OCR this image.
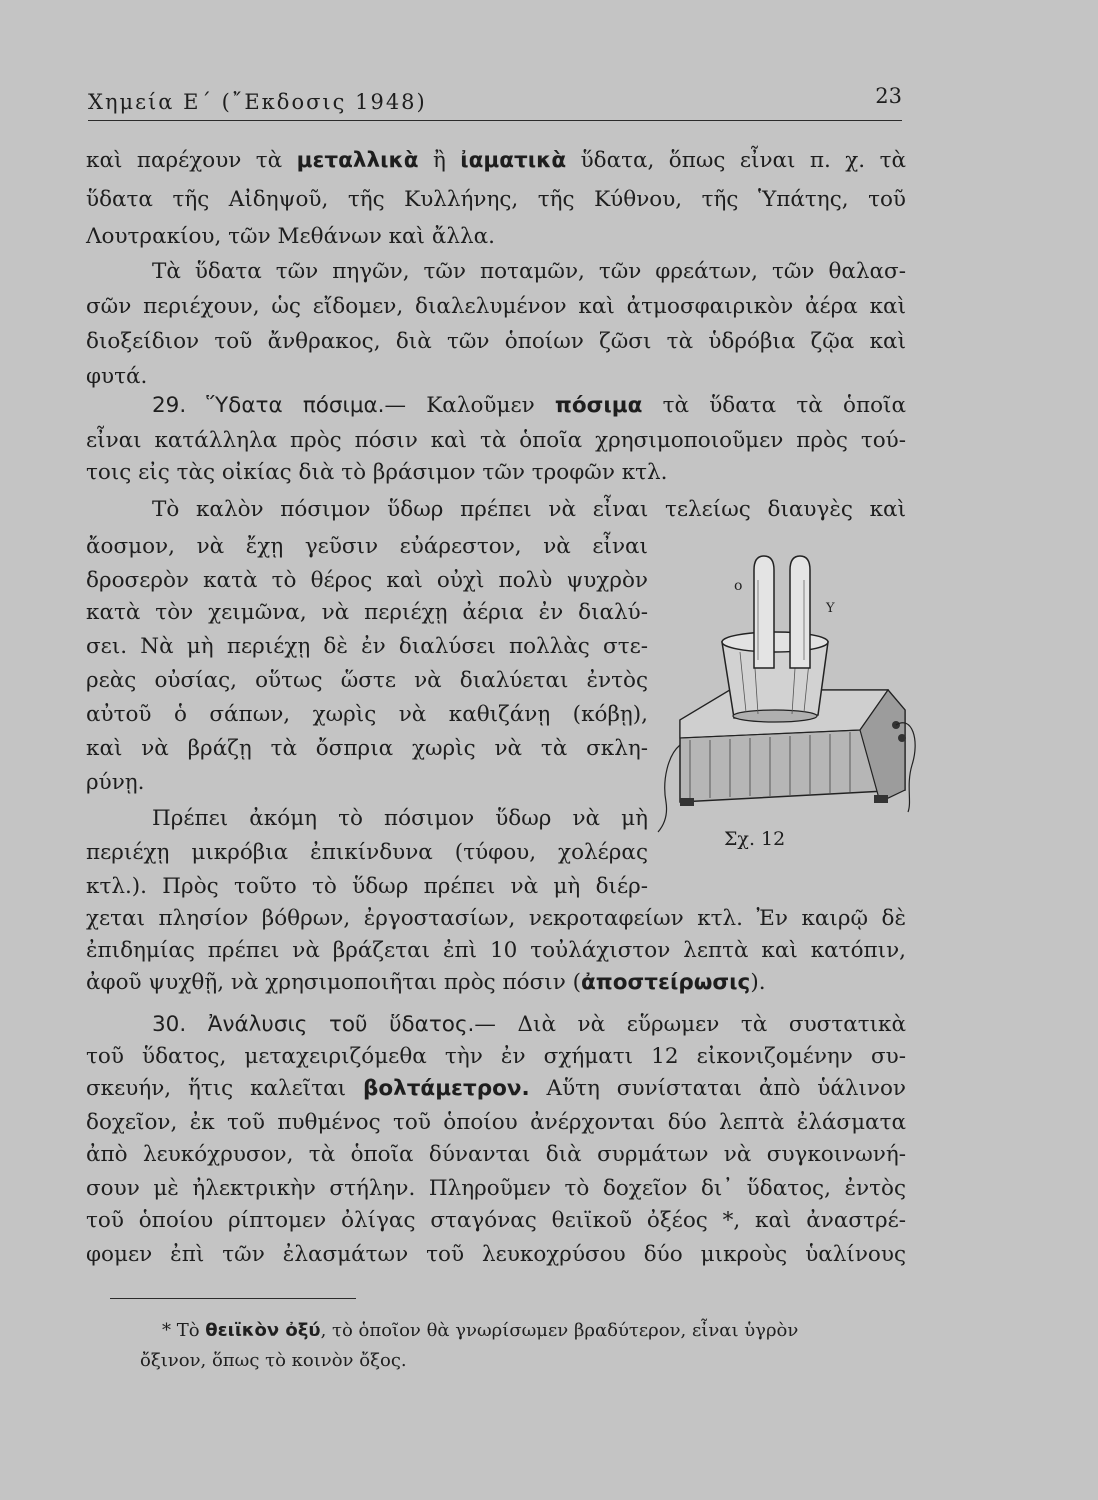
Χημεία Ε΄ (῎Εκδοσις 1948)	23
καὶ παρέχουν τὰ μεταλλικὰ ἢ ἰαματικὰ ὕδατα, ὅπως εἶναι π. χ. τὰ
ὕδατα τῆς Αἰδηψοῦ, τῆς Κυλλήνης, τῆς Κύθνου, τῆς Ὑπάτης, τοῦ
Λουτρακίου, τῶν Μεθάνων καὶ ἄλλα.
Τὰ ὕδατα τῶν πηγῶν, τῶν ποταμῶν, τῶν φρεάτων, τῶν θαλασ-
σῶν περιέχουν, ὡς εἴδομεν, διαλελυμένον καὶ ἀτμοσφαιρικὸν ἀέρα καὶ
διοξείδιον τοῦ ἄνθρακος, διὰ τῶν ὁποίων ζῶσι τὰ ὑδρόβια ζῷα καὶ
φυτά.
29. Ὕδατα πόσιμα.— Καλοῦμεν πόσιμα τὰ ὕδατα τὰ ὁποῖα
εἶναι κατάλληλα πρὸς πόσιν καὶ τὰ ὁποῖα χρησιμοποιοῦμεν πρὸς τού-
τοις εἰς τὰς οἰκίας διὰ τὸ βράσιμον τῶν τροφῶν κτλ.
Τὸ καλὸν πόσιμον ὕδωρ πρέπει νὰ εἶναι τελείως διαυγὲς καὶ
ἄοσμον, νὰ ἔχῃ γεῦσιν εὐάρεστον, νὰ εἶναι
δροσερὸν κατὰ τὸ θέρος καὶ οὐχὶ πολὺ ψυχρὸν
κατὰ τὸν χειμῶνα, νὰ περιέχῃ ἀέρια ἐν διαλύ-
σει. Νὰ μὴ περιέχῃ δὲ ἐν διαλύσει πολλὰς στε-
ρεὰς οὐσίας, οὕτως ὥστε νὰ διαλύεται ἐντὸς
αὐτοῦ ὁ σάπων, χωρὶς νὰ καθιζάνῃ (κόβῃ),
καὶ νὰ βράζῃ τὰ ὄσπρια χωρὶς νὰ τὰ σκλη-
ρύνῃ.
Πρέπει ἀκόμη τὸ πόσιμον ὕδωρ νὰ μὴ
περιέχῃ μικρόβια ἐπικίνδυνα (τύφου, χολέρας
κτλ.). Πρὸς τοῦτο τὸ ὕδωρ πρέπει νὰ μὴ διέρ-
χεται πλησίον βόθρων, ἐργοστασίων, νεκροταφείων κτλ. Ἐν καιρῷ δὲ
ἐπιδημίας πρέπει νὰ βράζεται ἐπὶ 10 τοὐλάχιστον λεπτὰ καὶ κατόπιν,
ἀφοῦ ψυχθῇ, νὰ χρησιμοποιῆται πρὸς πόσιν (ἀποστείρωσις).
30. Ἀνάλυσις τοῦ ὕδατος.— Διὰ νὰ εὕρωμεν τὰ συστατικὰ
τοῦ ὕδατος, μεταχειριζόμεθα τὴν ἐν σχήματι 12 εἰκονιζομένην συ-
σκευήν, ἥτις καλεῖται βολτάμετρον. Αὕτη συνίσταται ἀπὸ ὑάλινον
δοχεῖον, ἐκ τοῦ πυθμένος τοῦ ὁποίου ἀνέρχονται δύο λεπτὰ ἐλάσματα
ἀπὸ λευκόχρυσον, τὰ ὁποῖα δύνανται διὰ συρμάτων νὰ συγκοινωνή-
σουν μὲ ἠλεκτρικὴν στήλην. Πληροῦμεν τὸ δοχεῖον δι᾿ ὕδατος, ἐντὸς
τοῦ ὁποίου ρίπτομεν ὀλίγας σταγόνας θειϊκοῦ ὀξέος *, καὶ ἀναστρέ-
φομεν ἐπὶ τῶν ἐλασμάτων τοῦ λευκοχρύσου δύο μικροὺς ὑαλίνους
ο
Υ
Σχ. 12
* Τὸ θειϊκὸν ὀξύ, τὸ ὁποῖον θὰ γνωρίσωμεν βραδύτερον, εἶναι ὑγρὸν
ὄξινον, ὅπως τὸ κοινὸν ὄξος.
